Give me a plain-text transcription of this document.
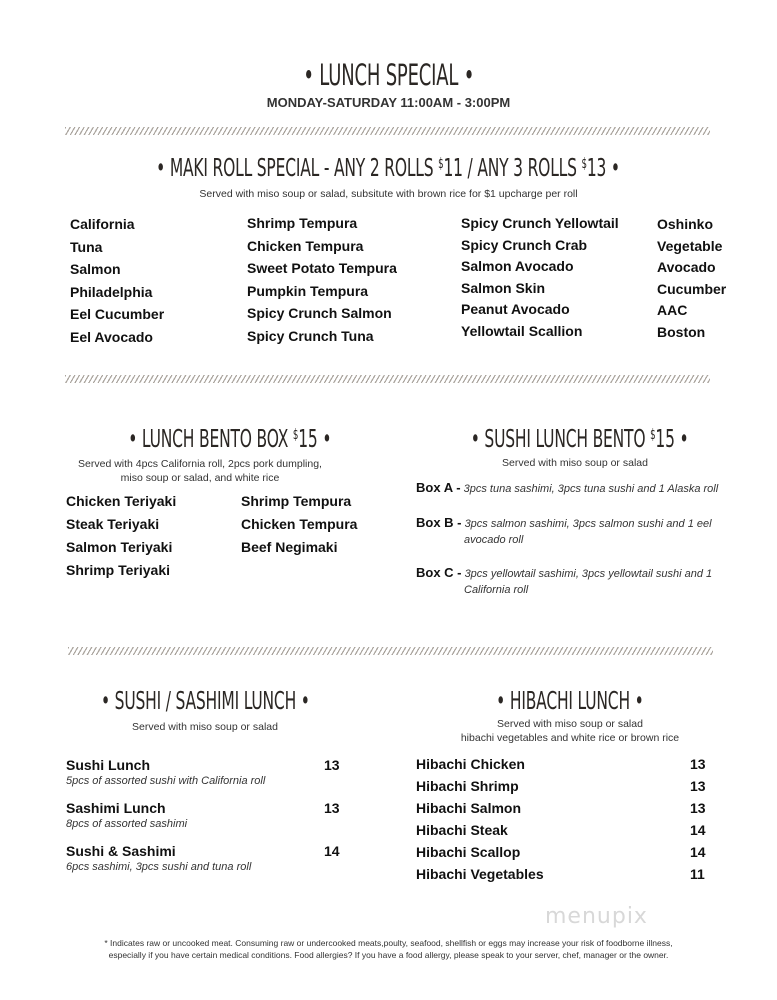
• LUNCH SPECIAL •
MONDAY-SATURDAY 11:00AM - 3:00PM
• MAKI ROLL SPECIAL - ANY 2 ROLLS $11 / ANY 3 ROLLS $13 •
Served with miso soup or salad, subsitute with brown rice for $1 upcharge per roll
California
Tuna
Salmon
Philadelphia
Eel Cucumber
Eel Avocado
Shrimp Tempura
Chicken Tempura
Sweet Potato Tempura
Pumpkin Tempura
Spicy Crunch Salmon
Spicy Crunch Tuna
Spicy Crunch Yellowtail
Spicy Crunch Crab
Salmon Avocado
Salmon Skin
Peanut Avocado
Yellowtail Scallion
Oshinko
Vegetable
Avocado
Cucumber
AAC
Boston
• LUNCH BENTO BOX $15 •
Served with 4pcs California roll, 2pcs pork dumpling,
miso soup or salad, and white rice
Chicken Teriyaki
Steak Teriyaki
Salmon Teriyaki
Shrimp Teriyaki
Shrimp Tempura
Chicken Tempura
Beef Negimaki
• SUSHI LUNCH BENTO $15 •
Served with miso soup or salad
Box A - 3pcs tuna sashimi, 3pcs tuna sushi and 1 Alaska roll
Box B - 3pcs salmon sashimi, 3pcs salmon sushi and 1 eel
avocado roll
Box C - 3pcs yellowtail sashimi, 3pcs yellowtail sushi and 1
California roll
• SUSHI / SASHIMI LUNCH •
Served with miso soup or salad
Sushi Lunch
5pcs of assorted sushi with California roll
13
Sashimi Lunch
8pcs of assorted sashimi
13
Sushi & Sashimi
6pcs sashimi, 3pcs sushi and tuna roll
14
• HIBACHI LUNCH •
Served with miso soup or salad
hibachi vegetables and white rice or brown rice
Hibachi Chicken
Hibachi Shrimp
Hibachi Salmon
Hibachi Steak
Hibachi Scallop
Hibachi Vegetables
13
13
13
14
14
11
menupix
* Indicates raw or uncooked meat. Consuming raw or undercooked meats,poulty, seafood, shellfish or eggs may increase your risk of foodborne illness,
especially if you have certain medical conditions. Food allergies? If you have a food allergy, please speak to your server, chef, manager or the owner.
